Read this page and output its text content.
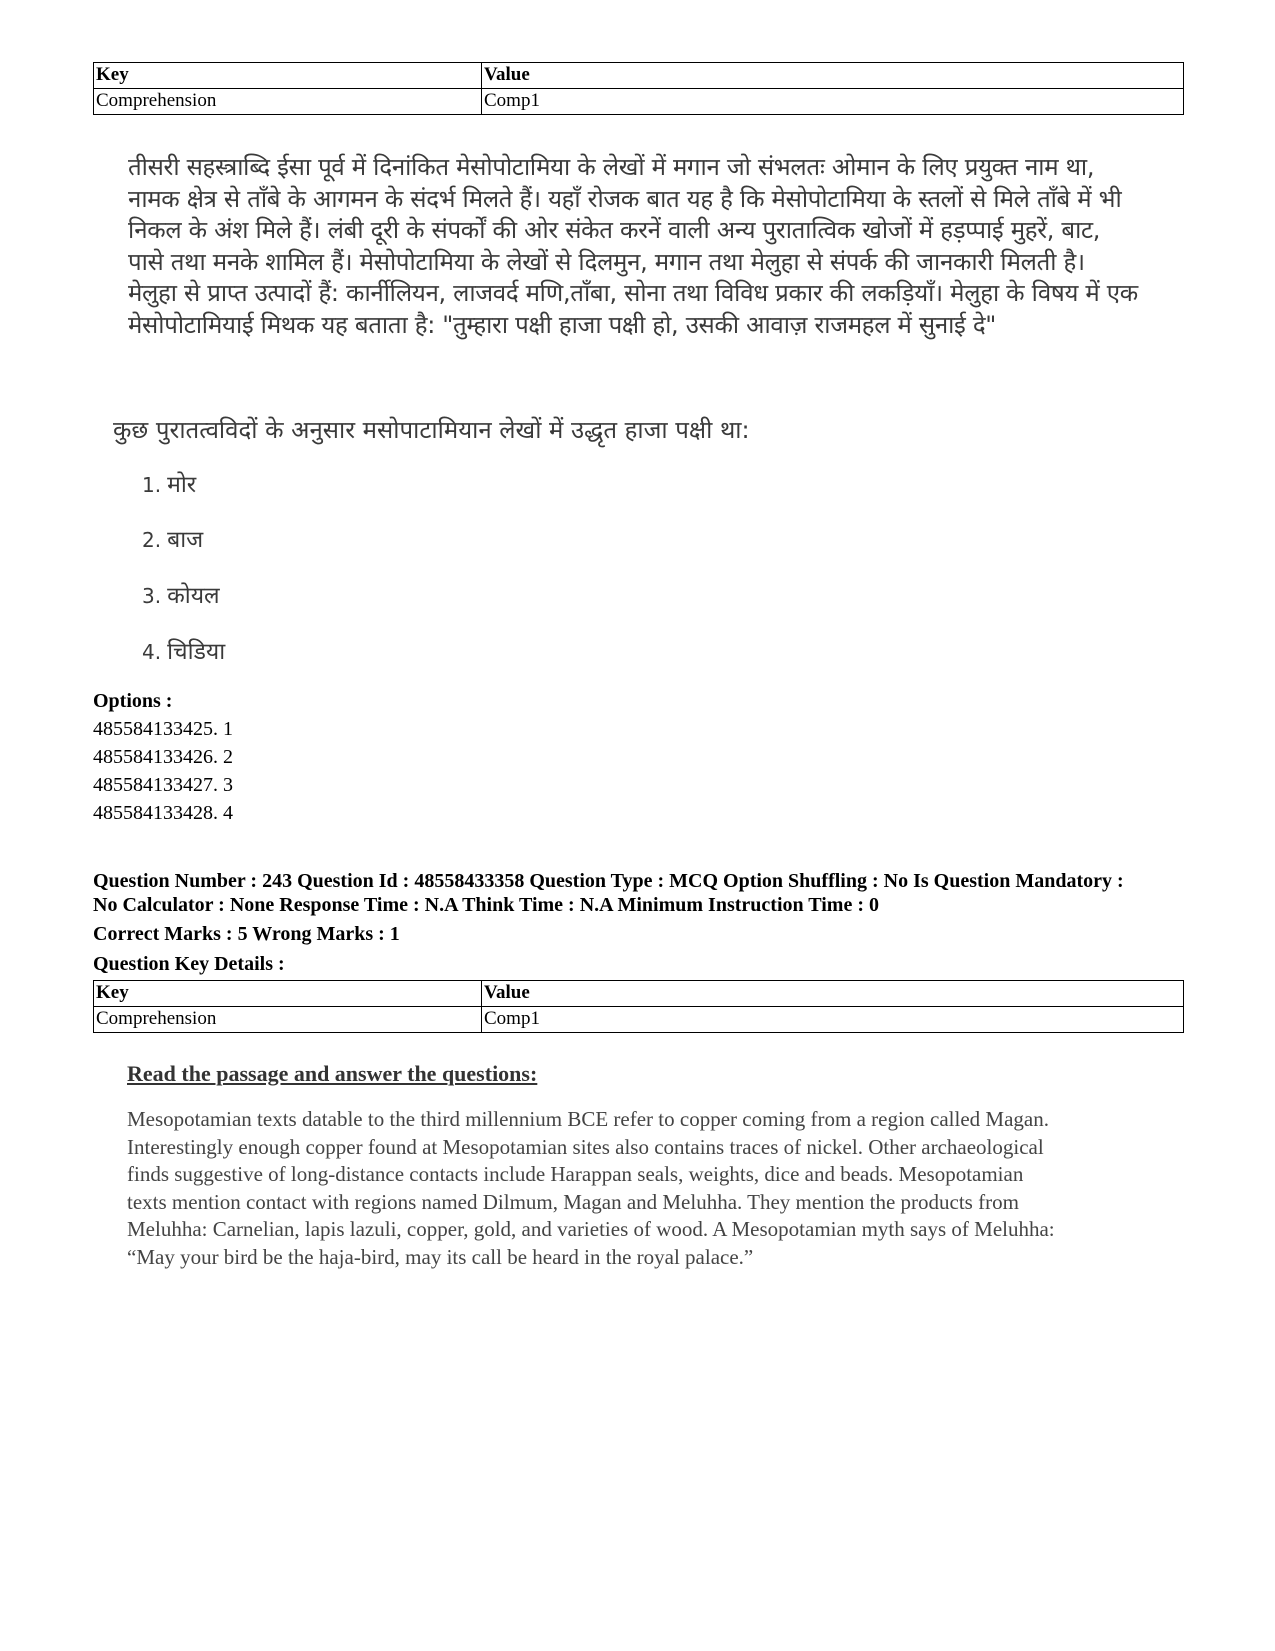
Key	Value
Comprehension	Comp1
तीसरी सहस्त्राब्दि ईसा पूर्व में दिनांकित मेसोपोटामिया के लेखों में मगान जो संभलतः ओमान के लिए प्रयुक्त नाम था,
नामक क्षेत्र से ताँबे के आगमन के संदर्भ मिलते हैं। यहाँ रोजक बात यह है कि मेसोपोटामिया के स्तलों से मिले ताँबे में भी
निकल के अंश मिले हैं। लंबी दूरी के संपर्कों की ओर संकेत करनें वाली अन्य पुरातात्विक खोजों में हड़प्पाई मुहरें, बाट,
पासे तथा मनके शामिल हैं। मेसोपोटामिया के लेखों से दिलमुन, मगान तथा मेलुहा से संपर्क की जानकारी मिलती है।
मेलुहा से प्राप्त उत्पादों हैं: कार्नीलियन, लाजवर्द मणि,ताँबा, सोना तथा विविध प्रकार की लकड़ियाँ। मेलुहा के विषय में एक
मेसोपोटामियाई मिथक यह बताता है: "तुम्हारा पक्षी हाजा पक्षी हो, उसकी आवाज़ राजमहल में सुनाई दे"
कुछ पुरातत्वविदों के अनुसार मसोपाटामियान लेखों में उद्धृत हाजा पक्षी था:
1. मोर
2. बाज
3. कोयल
4. चिडिया
Options :
485584133425. 1
485584133426. 2
485584133427. 3
485584133428. 4
Question Number : 243 Question Id : 48558433358 Question Type : MCQ Option Shuffling : No Is Question Mandatory :
No Calculator : None Response Time : N.A Think Time : N.A Minimum Instruction Time : 0
Correct Marks : 5 Wrong Marks : 1
Question Key Details :
Key	Value
Comprehension	Comp1
Read the passage and answer the questions:
Mesopotamian texts datable to the third millennium BCE refer to copper coming from a region called Magan.
Interestingly enough copper found at Mesopotamian sites also contains traces of nickel. Other archaeological
finds suggestive of long-distance contacts include Harappan seals, weights, dice and beads. Mesopotamian
texts mention contact with regions named Dilmum, Magan and Meluhha. They mention the products from
Meluhha: Carnelian, lapis lazuli, copper, gold, and varieties of wood. A Mesopotamian myth says of Meluhha:
“May your bird be the haja-bird, may its call be heard in the royal palace.”
